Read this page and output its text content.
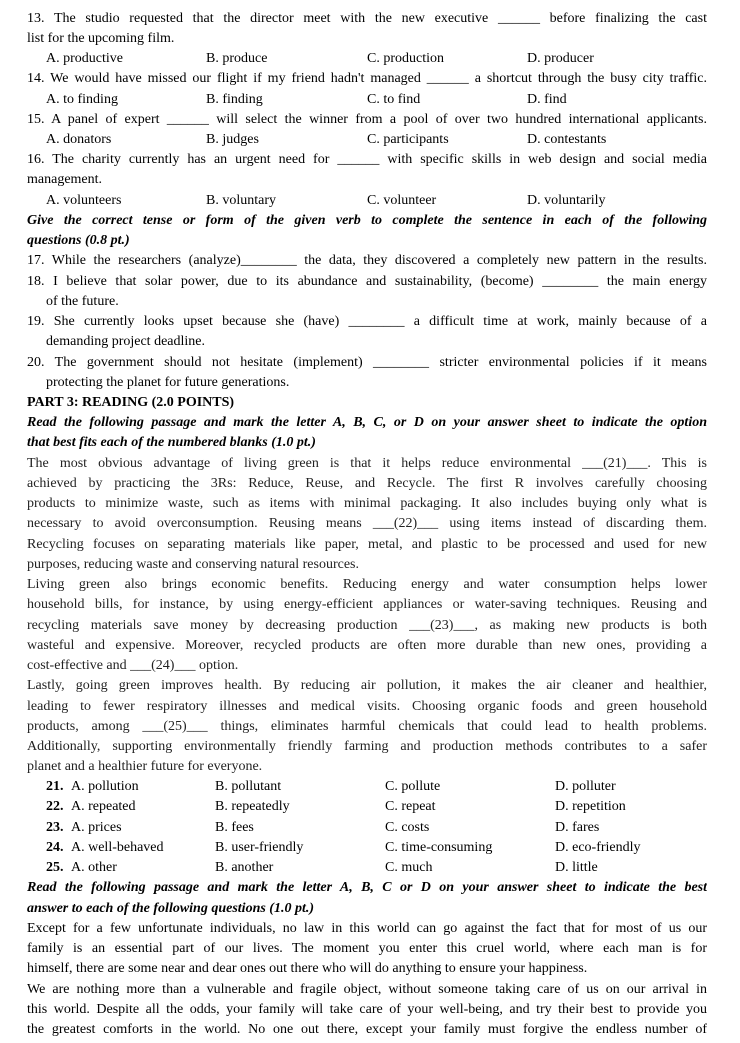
13. The studio requested that the director meet with the new executive ______ before finalizing the cast
list for the upcoming film.
A. productive	B. produce	C. production	D. producer
14. We would have missed our flight if my friend hadn't managed ______ a shortcut through the busy city traffic.
A. to finding	B. finding	C. to find	D. find
15. A panel of expert ______ will select the winner from a pool of over two hundred international applicants.
A. donators	B. judges	C. participants	D. contestants
16. The charity currently has an urgent need for ______ with specific skills in web design and social media
management.
A. volunteers	B. voluntary	C. volunteer	D. voluntarily
Give the correct tense or form of the given verb to complete the sentence in each of the following
questions (0.8 pt.)
17. While the researchers (analyze)________ the data, they discovered a completely new pattern in the results.
18. I believe that solar power, due to its abundance and sustainability, (become) ________ the main energy
of the future.
19. She currently looks upset because she (have) ________ a difficult time at work, mainly because of a
demanding project deadline.
20. The government should not hesitate (implement) ________ stricter environmental policies if it means
protecting the planet for future generations.
PART 3: READING (2.0 POINTS)
Read the following passage and mark the letter A, B, C, or D on your answer sheet to indicate the option
that best fits each of the numbered blanks (1.0 pt.)
The most obvious advantage of living green is that it helps reduce environmental ___(21)___. This is
achieved by practicing the 3Rs: Reduce, Reuse, and Recycle. The first R involves carefully choosing
products to minimize waste, such as items with minimal packaging. It also includes buying only what is
necessary to avoid overconsumption. Reusing means ___(22)___ using items instead of discarding them.
Recycling focuses on separating materials like paper, metal, and plastic to be processed and used for new
purposes, reducing waste and conserving natural resources.
Living green also brings economic benefits. Reducing energy and water consumption helps lower
household bills, for instance, by using energy-efficient appliances or water-saving techniques. Reusing and
recycling materials save money by decreasing production ___(23)___, as making new products is both
wasteful and expensive. Moreover, recycled products are often more durable than new ones, providing a
cost-effective and ___(24)___ option.
Lastly, going green improves health. By reducing air pollution, it makes the air cleaner and healthier,
leading to fewer respiratory illnesses and medical visits. Choosing organic foods and green household
products, among ___(25)___ things, eliminates harmful chemicals that could lead to health problems.
Additionally, supporting environmentally friendly farming and production methods contributes to a safer
planet and a healthier future for everyone.
21. A. pollution	B. pollutant	C. pollute	D. polluter
22. A. repeated	B. repeatedly	C. repeat	D. repetition
23. A. prices	B. fees	C. costs	D. fares
24. A. well-behaved	B. user-friendly	C. time-consuming	D. eco-friendly
25. A. other	B. another	C. much	D. little
Read the following passage and mark the letter A, B, C or D on your answer sheet to indicate the best
answer to each of the following questions (1.0 pt.)
Except for a few unfortunate individuals, no law in this world can go against the fact that for most of us our
family is an essential part of our lives. The moment you enter this cruel world, where each man is for
himself, there are some near and dear ones out there who will do anything to ensure your happiness.
We are nothing more than a vulnerable and fragile object, without someone taking care of us on our arrival in
this world. Despite all the odds, your family will take care of your well-being, and try their best to provide you
the greatest comforts in the world. No one out there, except your family must forgive the endless number of
